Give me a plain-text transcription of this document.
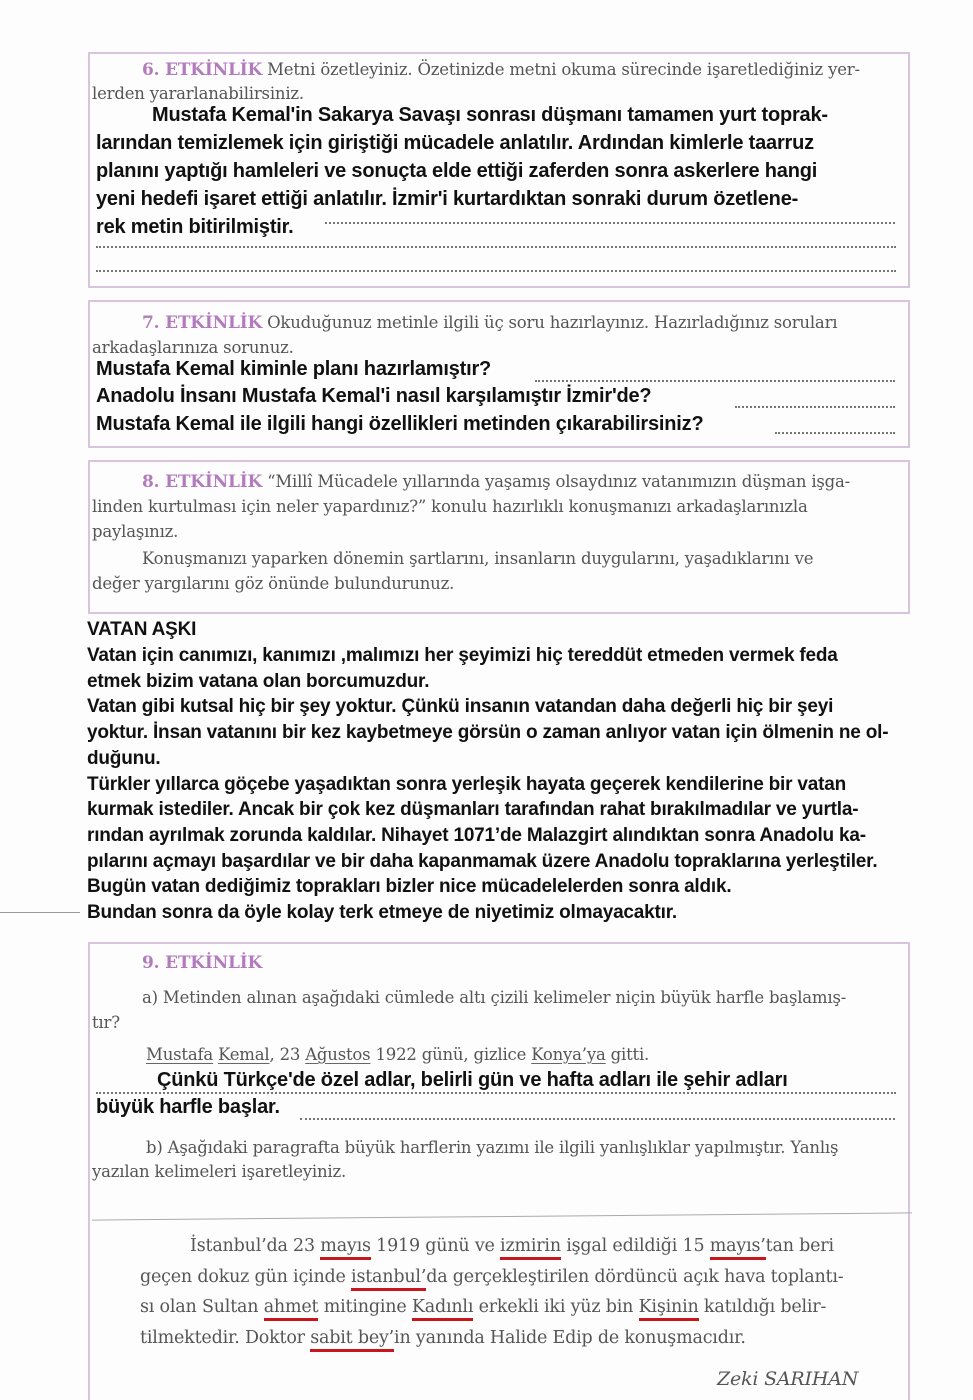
6. ETKİNLİK Metni özetleyiniz. Özetinizde metni okuma sürecinde işaretlediğiniz yer-
lerden yararlanabilirsiniz.
Mustafa Kemal'in Sakarya Savaşı sonrası düşmanı tamamen yurt toprak-
larından temizlemek için giriştiği mücadele anlatılır. Ardından kimlerle taarruz
planını yaptığı hamleleri ve sonuçta elde ettiği zaferden sonra askerlere hangi
yeni hedefi işaret ettiği anlatılır. İzmir'i kurtardıktan sonraki durum özetlene-
rek metin bitirilmiştir.
7. ETKİNLİK Okuduğunuz metinle ilgili üç soru hazırlayınız. Hazırladığınız soruları
arkadaşlarınıza sorunuz.
Mustafa Kemal kiminle planı hazırlamıştır?
Anadolu İnsanı Mustafa Kemal'i nasıl karşılamıştır İzmir'de?
Mustafa Kemal ile ilgili hangi özellikleri metinden çıkarabilirsiniz?
8. ETKİNLİK “Millî Mücadele yıllarında yaşamış olsaydınız vatanımızın düşman işga-
linden kurtulması için neler yapardınız?” konulu hazırlıklı konuşmanızı arkadaşlarınızla
paylaşınız.
Konuşmanızı yaparken dönemin şartlarını, insanların duygularını, yaşadıklarını ve
değer yargılarını göz önünde bulundurunuz.
VATAN AŞKI
Vatan için canımızı, kanımızı ,malımızı her şeyimizi hiç tereddüt etmeden vermek feda
etmek bizim vatana olan borcumuzdur.
Vatan gibi kutsal hiç bir şey yoktur. Çünkü insanın vatandan daha değerli hiç bir şeyi
yoktur. İnsan vatanını bir kez kaybetmeye görsün o zaman anlıyor vatan için ölmenin ne ol-
duğunu.
Türkler yıllarca göçebe yaşadıktan sonra yerleşik hayata geçerek kendilerine bir vatan
kurmak istediler. Ancak bir çok kez düşmanları tarafından rahat bırakılmadılar ve yurtla-
rından ayrılmak zorunda kaldılar. Nihayet 1071’de Malazgirt alındıktan sonra Anadolu ka-
pılarını açmayı başardılar ve bir daha kapanmamak üzere Anadolu topraklarına yerleştiler.
Bugün vatan dediğimiz toprakları bizler nice mücadelelerden sonra aldık.
Bundan sonra da öyle kolay terk etmeye de niyetimiz olmayacaktır.
9. ETKİNLİK
a) Metinden alınan aşağıdaki cümlede altı çizili kelimeler niçin büyük harfle başlamış-
tır?
Mustafa Kemal, 23 Ağustos 1922 günü, gizlice Konya’ya gitti.
Çünkü Türkçe'de özel adlar, belirli gün ve hafta adları ile şehir adları
büyük harfle başlar.
b) Aşağıdaki paragrafta büyük harflerin yazımı ile ilgili yanlışlıklar yapılmıştır. Yanlış
yazılan kelimeleri işaretleyiniz.
İstanbul’da 23 mayıs 1919 günü ve izmirin işgal edildiği 15 mayıs’tan beri
geçen dokuz gün içinde istanbul’da gerçekleştirilen dördüncü açık hava toplantı-
sı olan Sultan ahmet mitingine Kadınlı erkekli iki yüz bin Kişinin katıldığı belir-
tilmektedir. Doktor sabit bey’in yanında Halide Edip de konuşmacıdır.
Zeki SARIHAN
